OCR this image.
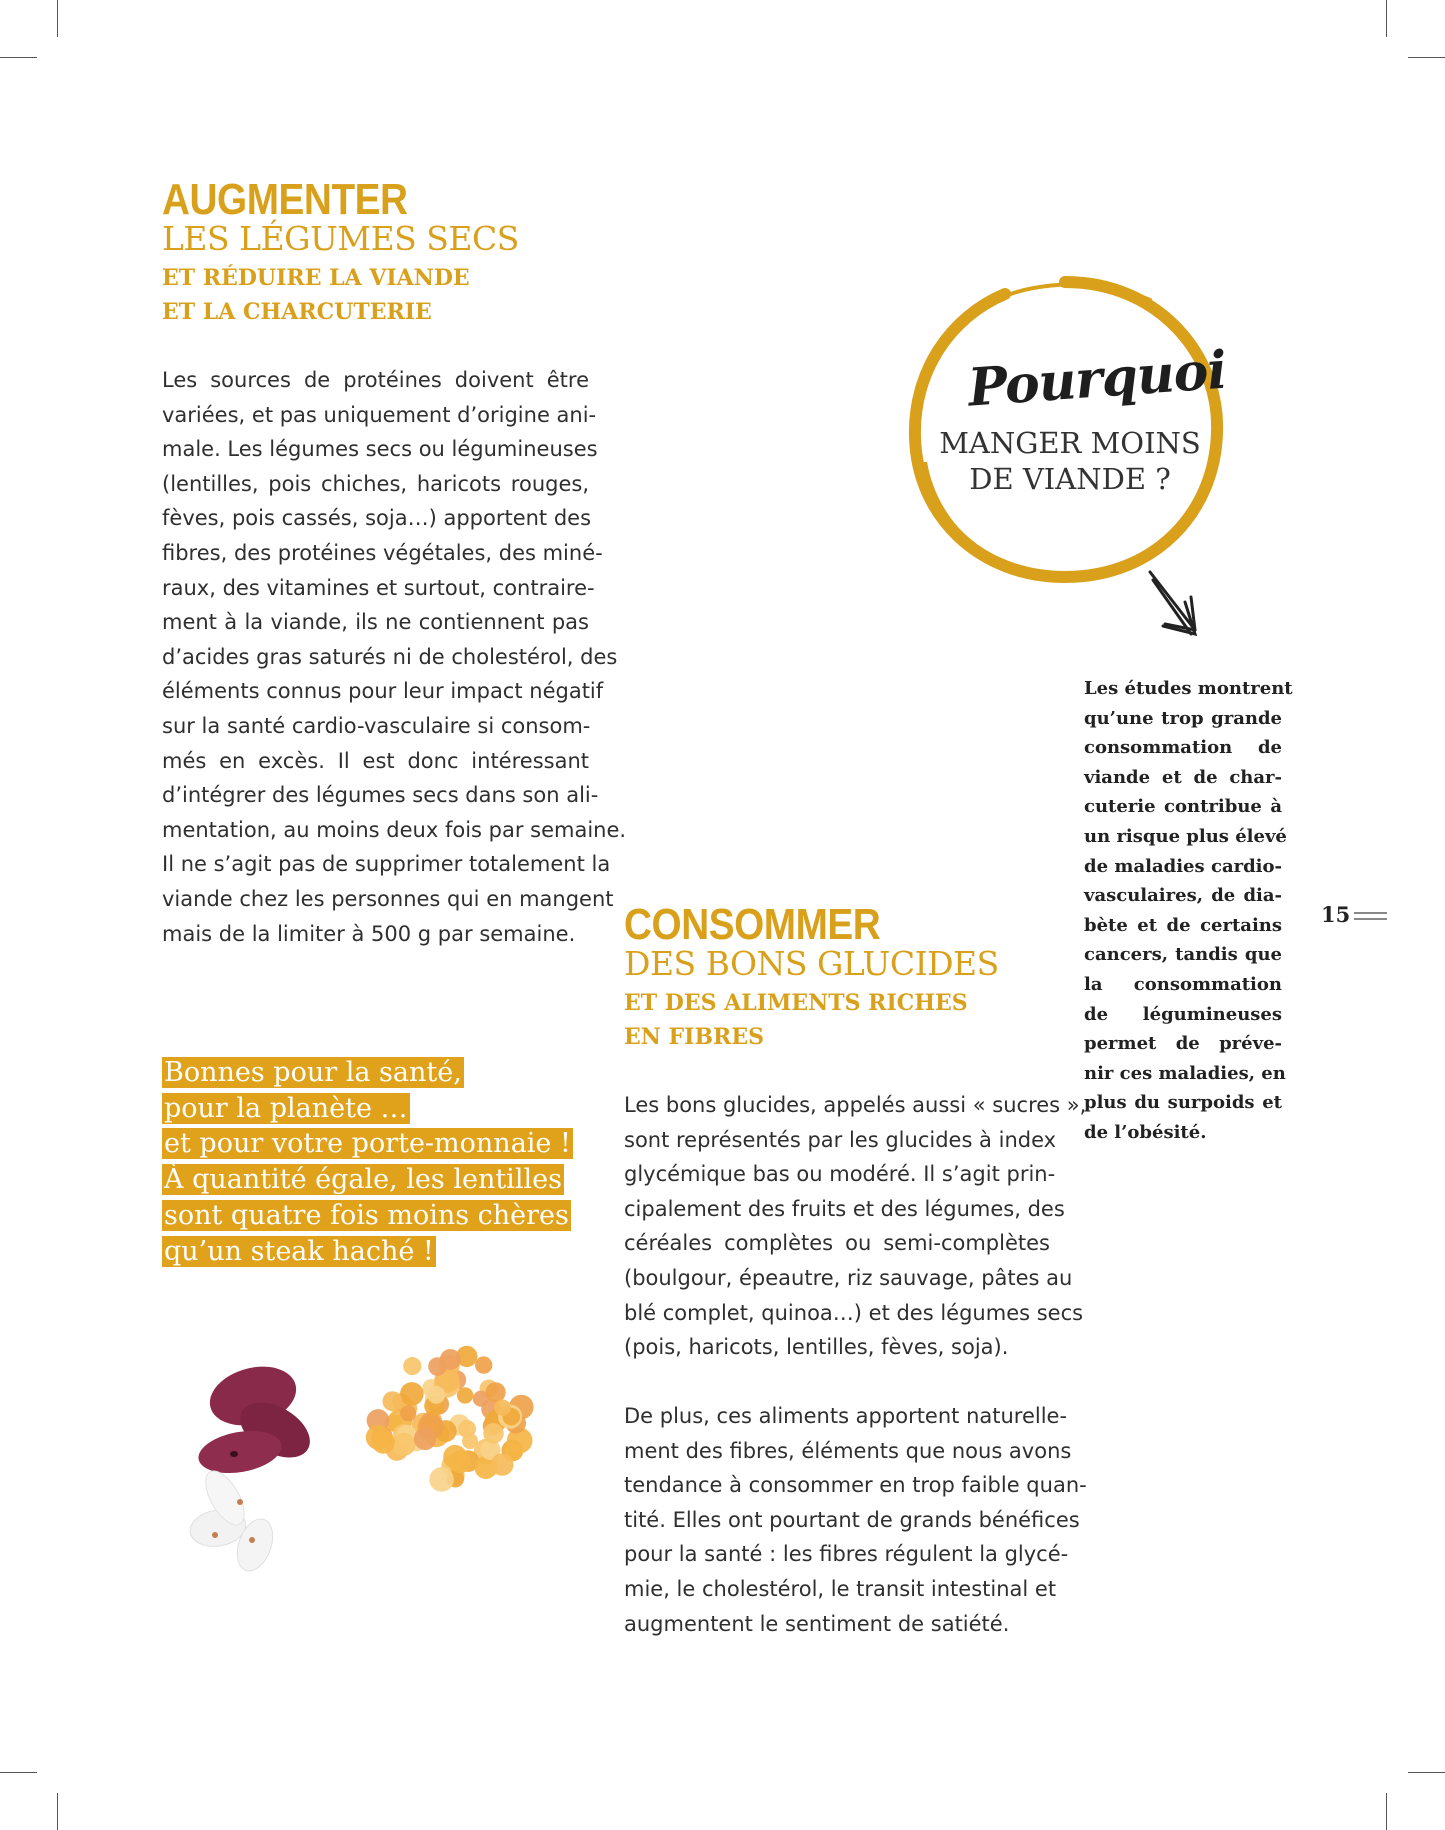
AUGMENTER
LES LÉGUMES SECS
ET RÉDUIRE LA VIANDE
ET LA CHARCUTERIE
Les sources de protéines doivent être
variées, et pas uniquement d’origine ani-
male. Les légumes secs ou légumineuses
(lentilles, pois chiches, haricots rouges,
fèves, pois cassés, soja…) apportent des
fibres, des protéines végétales, des miné-
raux, des vitamines et surtout, contraire-
ment à la viande, ils ne contiennent pas
d’acides gras saturés ni de cholestérol, des
éléments connus pour leur impact négatif
sur la santé cardio-vasculaire si consom-
més en excès. Il est donc intéressant
d’intégrer des légumes secs dans son ali-
mentation, au moins deux fois par semaine.
Il ne s’agit pas de supprimer totalement la
viande chez les personnes qui en mangent
mais de la limiter à 500 g par semaine.
Bonnes pour la santé,
pour la planète …
et pour votre porte-monnaie !
À quantité égale, les lentilles
sont quatre fois moins chères
qu’un steak haché !

Pourquoi
MANGER MOINS
DE VIANDE ?
Les études montrent
qu’une trop grande
consommation de
viande et de char-
cuterie contribue à
un risque plus élevé
de maladies cardio-
vasculaires, de dia-
bète et de certains
cancers, tandis que
la consommation
de légumineuses
permet de préve-
nir ces maladies, en
plus du surpoids et
de l’obésité.
15
CONSOMMER
DES BONS GLUCIDES
ET DES ALIMENTS RICHES
EN FIBRES
Les bons glucides, appelés aussi « sucres »,
sont représentés par les glucides à index
glycémique bas ou modéré. Il s’agit prin-
cipalement des fruits et des légumes, des
céréales complètes ou semi-complètes
(boulgour, épeautre, riz sauvage, pâtes au
blé complet, quinoa…) et des légumes secs
(pois, haricots, lentilles, fèves, soja).
De plus, ces aliments apportent naturelle-
ment des fibres, éléments que nous avons
tendance à consommer en trop faible quan-
tité. Elles ont pourtant de grands bénéfices
pour la santé : les fibres régulent la glycé-
mie, le cholestérol, le transit intestinal et
augmentent le sentiment de satiété.
